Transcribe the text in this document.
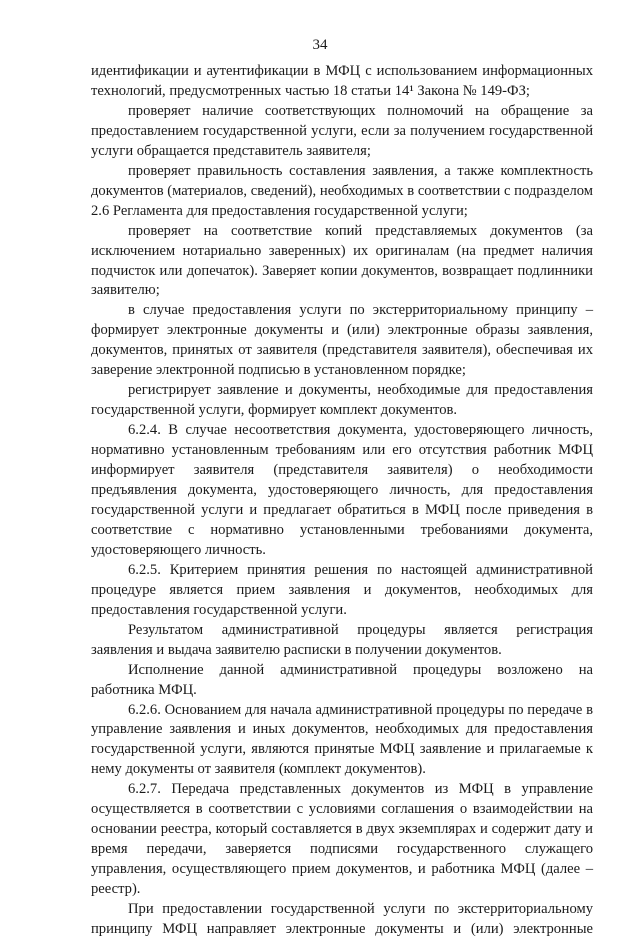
34

идентификации и аутентификации в МФЦ с использованием информационных технологий, предусмотренных частью 18 статьи 14¹ Закона № 149-ФЗ;

проверяет наличие соответствующих полномочий на обращение за предоставлением государственной услуги, если за получением государственной услуги обращается представитель заявителя;

проверяет правильность составления заявления, а также комплектность документов (материалов, сведений), необходимых в соответствии с подразделом 2.6 Регламента для предоставления государственной услуги;

проверяет на соответствие копий представляемых документов (за исключением нотариально заверенных) их оригиналам (на предмет наличия подчисток или допечаток). Заверяет копии документов, возвращает подлинники заявителю;

в случае предоставления услуги по экстерриториальному принципу – формирует электронные документы и (или) электронные образы заявления, документов, принятых от заявителя (представителя заявителя), обеспечивая их заверение электронной подписью в установленном порядке;

регистрирует заявление и документы, необходимые для предоставления государственной услуги, формирует комплект документов.

6.2.4. В случае несоответствия документа, удостоверяющего личность, нормативно установленным требованиям или его отсутствия работник МФЦ информирует заявителя (представителя заявителя) о необходимости предъявления документа, удостоверяющего личность, для предоставления государственной услуги и предлагает обратиться в МФЦ после приведения в соответствие с нормативно установленными требованиями документа, удостоверяющего личность.

6.2.5. Критерием принятия решения по настоящей административной процедуре является прием заявления и документов, необходимых для предоставления государственной услуги.

Результатом административной процедуры является регистрация заявления и выдача заявителю расписки в получении документов.

Исполнение данной административной процедуры возложено на работника МФЦ.

6.2.6. Основанием для начала административной процедуры по передаче в управление заявления и иных документов, необходимых для предоставления государственной услуги, являются принятые МФЦ заявление и прилагаемые к нему документы от заявителя (комплект документов).

6.2.7. Передача представленных документов из МФЦ в управление осуществляется в соответствии с условиями соглашения о взаимодействии на основании реестра, который составляется в двух экземплярах и содержит дату и время передачи, заверяется подписями государственного служащего управления, осуществляющего прием документов, и работника МФЦ (далее – реестр).

При предоставлении государственной услуги по экстерриториальному принципу МФЦ направляет электронные документы и (или) электронные
